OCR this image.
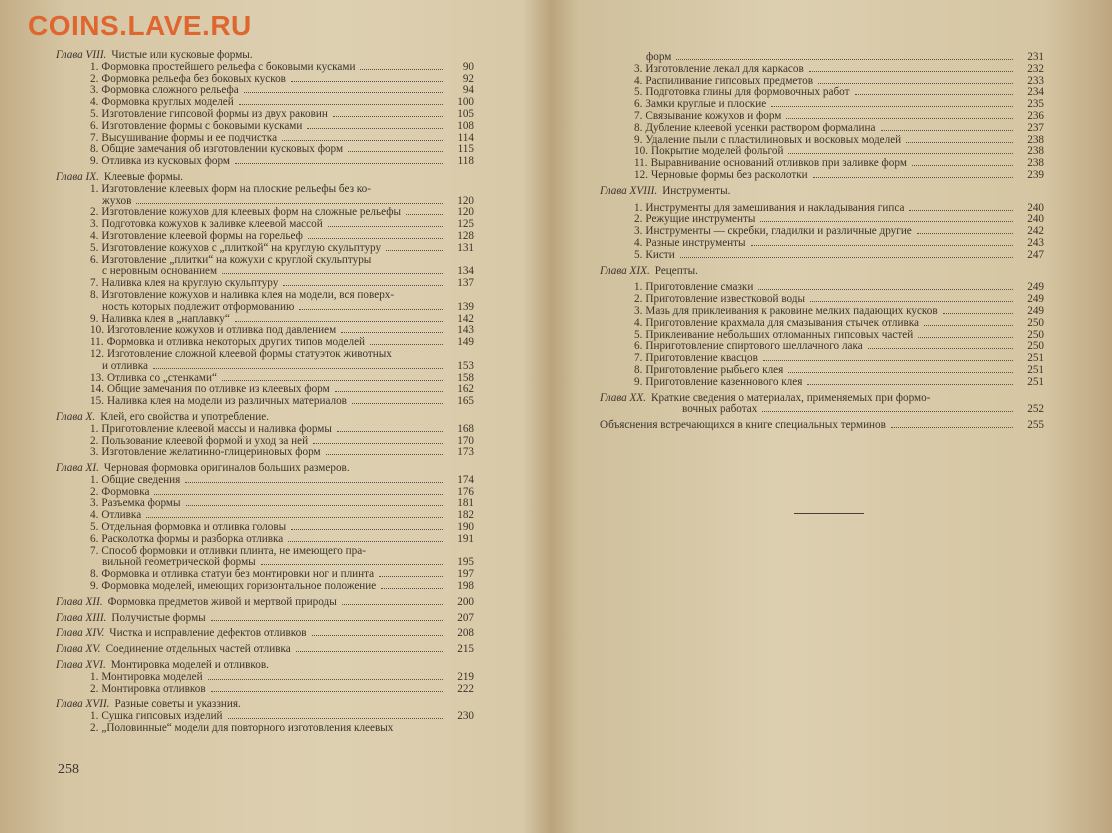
COINS.LAVE.RU
Глава VIII. Чистые или кусковые формы.
1. Формовка простейшего рельефа с боковыми кусками	90
2. Формовка рельефа без боковых кусков	92
3. Формовка сложного рельефа	94
4. Формовка круглых моделей	100
5. Изготовление гипсовой формы из двух раковин	105
6. Изготовление формы с боковыми кусками	108
7. Высушивание формы и ее подчистка	114
8. Общие замечания об изготовлении кусковых форм	115
9. Отливка из кусковых форм	118
Глава IX. Клеевые формы.
1. Изготовление клеевых форм на плоские рельефы без ко-
жухов	120
2. Изготовление кожухов для клеевых форм на сложные рельефы	120
3. Подготовка кожухов к заливке клеевой массой	125
4. Изготовление клеевой формы на горельеф	128
5. Изготовление кожухов с „плиткой“ на круглую скульптуру	131
6. Изготовление „плитки“ на кожухи с круглой скульптуры
с неровным основанием	134
7. Наливка клея на круглую скульптуру	137
8. Изготовление кожухов и наливка клея на модели, вся поверх-
ность которых подлежит отформованию	139
9. Наливка клея в „наплавку“	142
10. Изготовление кожухов и отливка под давлением	143
11. Формовка и отливка некоторых других типов моделей	149
12. Изготовление сложной клеевой формы статуэток животных
и отливка	153
13. Отливка со „стенками“	158
14. Общие замечания по отливке из клеевых форм	162
15. Наливка клея на модели из различных материалов	165
Глава X. Клей, его свойства и употребление.
1. Приготовление клеевой массы и наливка формы	168
2. Пользование клеевой формой и уход за ней	170
3. Изготовление желатинно-глицериновых форм	173
Глава XI. Черновая формовка оригиналов больших размеров.
1. Общие сведения	174
2. Формовка	176
3. Разъемка формы	181
4. Отливка	182
5. Отдельная формовка и отливка головы	190
6. Расколотка формы и разборка отливка	191
7. Способ формовки и отливки плинта, не имеющего пра-
вильной геометрической формы	195
8. Формовка и отливка статуи без монтировки ног и плинта	197
9. Формовка моделей, имеющих горизонтальное положение	198
Глава XII. Формовка предметов живой и мертвой природы	200
Глава XIII. Получистые формы	207
Глава XIV. Чистка и исправление дефектов отливков	208
Глава XV. Соединение отдельных частей отливка	215
Глава XVI. Монтировка моделей и отливков.
1. Монтировка моделей	219
2. Монтировка отливков	222
Глава XVII. Разные советы и указзния.
1. Сушка гипсовых изделий	230
2. „Половинные“ модели для повторного изготовления клеевых
форм	231
3. Изготовление лекал для каркасов	232
4. Распиливание гипсовых предметов	233
5. Подготовка глины для формовочных работ	234
6. Замки круглые и плоские	235
7. Связывание кожухов и форм	236
8. Дубление клеевой усенки раствором формалина	237
9. Удаление пыли с пластилиновых и восковых моделей	238
10. Покрытие моделей фольгой	238
11. Выравнивание оснований отливков при заливке форм	238
12. Черновые формы без расколотки	239
Глава XVIII. Инструменты.
1. Инструменты для замешивания и накладывания гипса	240
2. Режущие инструменты	240
3. Инструменты — скребки, гладилки и различные другие	242
4. Разные инструменты	243
5. Кисти	247
Глава XIX. Рецепты.
1. Приготовление смазки	249
2. Приготовление известковой воды	249
3. Мазь для приклеивания к раковине мелких падающих кусков	249
4. Приготовление крахмала для смазывания стычек отливка	250
5. Приклеивание небольших отломанных гипсовых частей	250
6. Пнриготовление спиртового шеллачного лака	250
7. Приготовление квасцов	251
8. Приготовление рыбьего клея	251
9. Приготовление казеннового клея	251
Глава XX. Краткие сведения о материалах, применяемых при формо-
вочных работах	252
Объяснения встречающихся в книге специальных терминов	255
258
